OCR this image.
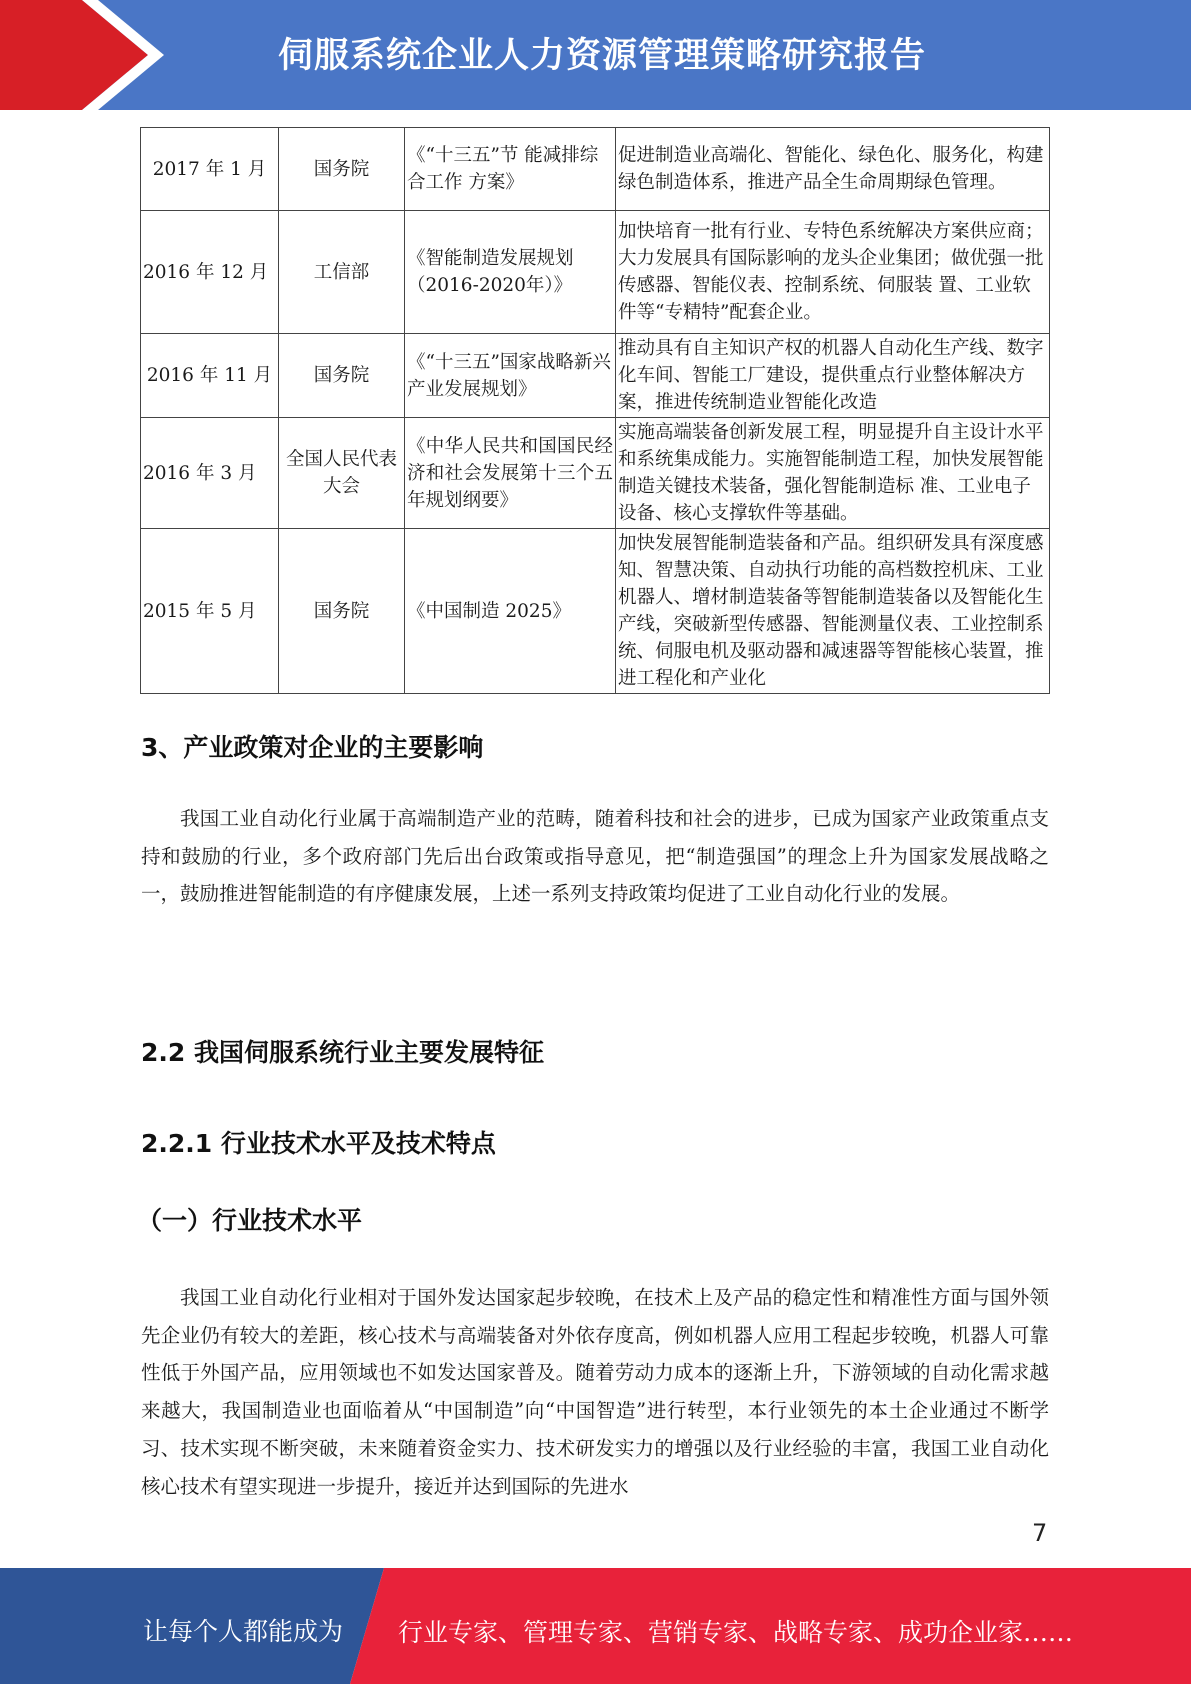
伺服系统企业人力资源管理策略研究报告
2017 年 1 月	国务院	《“十三五”节 能减排综合工作 方案》	促进制造业高端化、智能化、绿色化、服务化，构建绿色制造体系，推进产品全生命周期绿色管理。
2016 年 12 月	工信部	《智能制造发展规划（2016-2020年）》	加快培育一批有行业、专特色系统解决方案供应商；大力发展具有国际影响的龙头企业集团；做优强一批传感器、智能仪表、控制系统、伺服装 置、工业软件等“专精特”配套企业。
2016 年 11 月	国务院	《“十三五”国家战略新兴产业发展规划》	推动具有自主知识产权的机器人自动化生产线、数字化车间、智能工厂建设，提供重点行业整体解决方案，推进传统制造业智能化改造
2016 年 3 月	全国人民代表大会	《中华人民共和国国民经济和社会发展第十三个五年规划纲要》	实施高端装备创新发展工程，明显提升自主设计水平和系统集成能力。实施智能制造工程，加快发展智能制造关键技术装备，强化智能制造标 准、工业电子设备、核心支撑软件等基础。
2015 年 5 月	国务院	《中国制造 2025》	加快发展智能制造装备和产品。组织研发具有深度感知、智慧决策、自动执行功能的高档数控机床、工业机器人、增材制造装备等智能制造装备以及智能化生产线，突破新型传感器、智能测量仪表、工业控制系统、伺服电机及驱动器和减速器等智能核心装置，推进工程化和产业化
3、产业政策对企业的主要影响

我国工业自动化行业属于高端制造产业的范畴，随着科技和社会的进步，已成为国家产业政策重点支持和鼓励的行业，多个政府部门先后出台政策或指导意见，把“制造强国”的理念上升为国家发展战略之一，鼓励推进智能制造的有序健康发展，上述一系列支持政策均促进了工业自动化行业的发展。

2.2 我国伺服系统行业主要发展特征
2.2.1 行业技术水平及技术特点
（一）行业技术水平

我国工业自动化行业相对于国外发达国家起步较晚，在技术上及产品的稳定性和精准性方面与国外领先企业仍有较大的差距，核心技术与高端装备对外依存度高，例如机器人应用工程起步较晚，机器人可靠性低于外国产品，应用领域也不如发达国家普及。随着劳动力成本的逐渐上升，下游领域的自动化需求越来越大，我国制造业也面临着从“中国制造”向“中国智造”进行转型，本行业领先的本土企业通过不断学习、技术实现不断突破，未来随着资金实力、技术研发实力的增强以及行业经验的丰富，我国工业自动化核心技术有望实现进一步提升，接近并达到国际的先进水

7
让每个人都能成为 行业专家、管理专家、营销专家、战略专家、成功企业家……
